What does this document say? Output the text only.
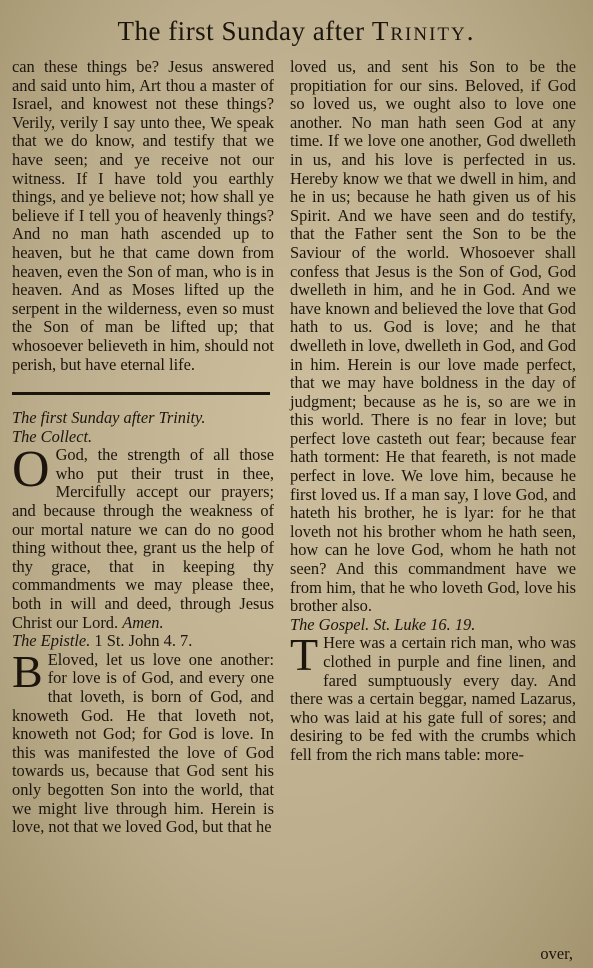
The first Sunday after Trinity.

can these things be? Jesus answered and said unto him, Art thou a master of Israel, and knowest not these things? Verily, verily I say unto thee, We speak that we do know, and testify that we have seen; and ye receive not our witness. If I have told you earthly things, and ye believe not; how shall ye believe if I tell you of heavenly things? And no man hath ascended up to heaven, but he that came down from heaven, even the Son of man, who is in heaven. And as Moses lifted up the serpent in the wilderness, even so must the Son of man be lifted up; that whosoever believeth in him, should not perish, but have eternal life.

The first Sunday after Trinity.

The Collect.

O God, the strength of all those who put their trust in thee, Mercifully accept our prayers; and because through the weakness of our mortal nature we can do no good thing without thee, grant us the help of thy grace, that in keeping thy commandments we may please thee, both in will and deed, through Jesus Christ our Lord. Amen.

The Epistle. 1 St. John 4. 7.

B Eloved, let us love one another: for love is of God, and every one that loveth, is born of God, and knoweth God. He that loveth not, knoweth not God; for God is love. In this was manifested the love of God towards us, because that God sent his only begotten Son into the world, that we might live through him. Herein is love, not that we loved God, but that he

loved us, and sent his Son to be the propitiation for our sins. Beloved, if God so loved us, we ought also to love one another. No man hath seen God at any time. If we love one another, God dwelleth in us, and his love is perfected in us. Hereby know we that we dwell in him, and he in us; because he hath given us of his Spirit. And we have seen and do testify, that the Father sent the Son to be the Saviour of the world. Whosoever shall confess that Jesus is the Son of God, God dwelleth in him, and he in God. And we have known and believed the love that God hath to us. God is love; and he that dwelleth in love, dwelleth in God, and God in him. Herein is our love made perfect, that we may have boldness in the day of judgment; because as he is, so are we in this world. There is no fear in love; but perfect love casteth out fear; because fear hath torment: He that feareth, is not made perfect in love. We love him, because he first loved us. If a man say, I love God, and hateth his brother, he is lyar: for he that loveth not his brother whom he hath seen, how can he love God, whom he hath not seen? And this commandment have we from him, that he who loveth God, love his brother also.

The Gospel. St. Luke 16. 19.

T Here was a certain rich man, who was clothed in purple and fine linen, and fared sumptuously every day. And there was a certain beggar, named Lazarus, who was laid at his gate full of sores; and desiring to be fed with the crumbs which fell from the rich mans table: more-

over,
